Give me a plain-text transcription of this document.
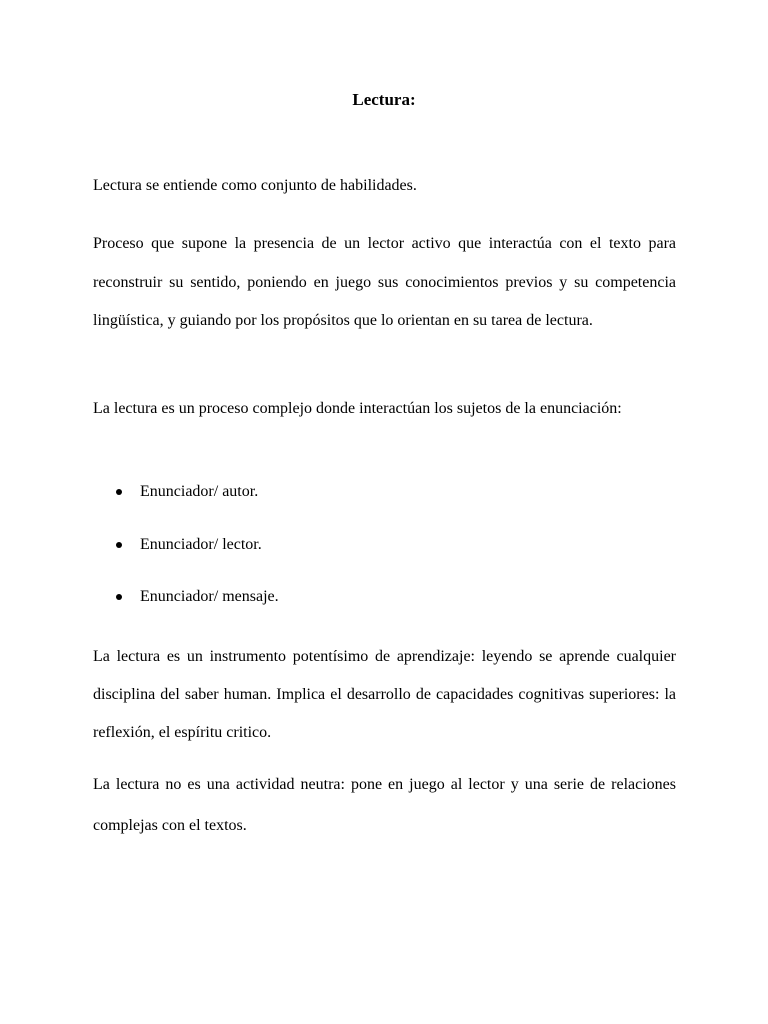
Lectura:

Lectura se entiende como conjunto de habilidades.

Proceso que supone la presencia de un lector activo que interactúa con el texto para reconstruir su sentido, poniendo en juego sus conocimientos previos y su competencia lingüística, y guiando por los propósitos que lo orientan en su tarea de lectura.

La lectura es un proceso complejo donde interactúan los sujetos de la enunciación:

Enunciador/ autor.
Enunciador/ lector.
Enunciador/ mensaje.

La lectura es un instrumento potentísimo de aprendizaje: leyendo se aprende cualquier disciplina del saber human. Implica el desarrollo de capacidades cognitivas superiores: la reflexión, el espíritu critico.

La lectura no es una actividad neutra: pone en juego al lector y una serie de relaciones complejas con el textos.
